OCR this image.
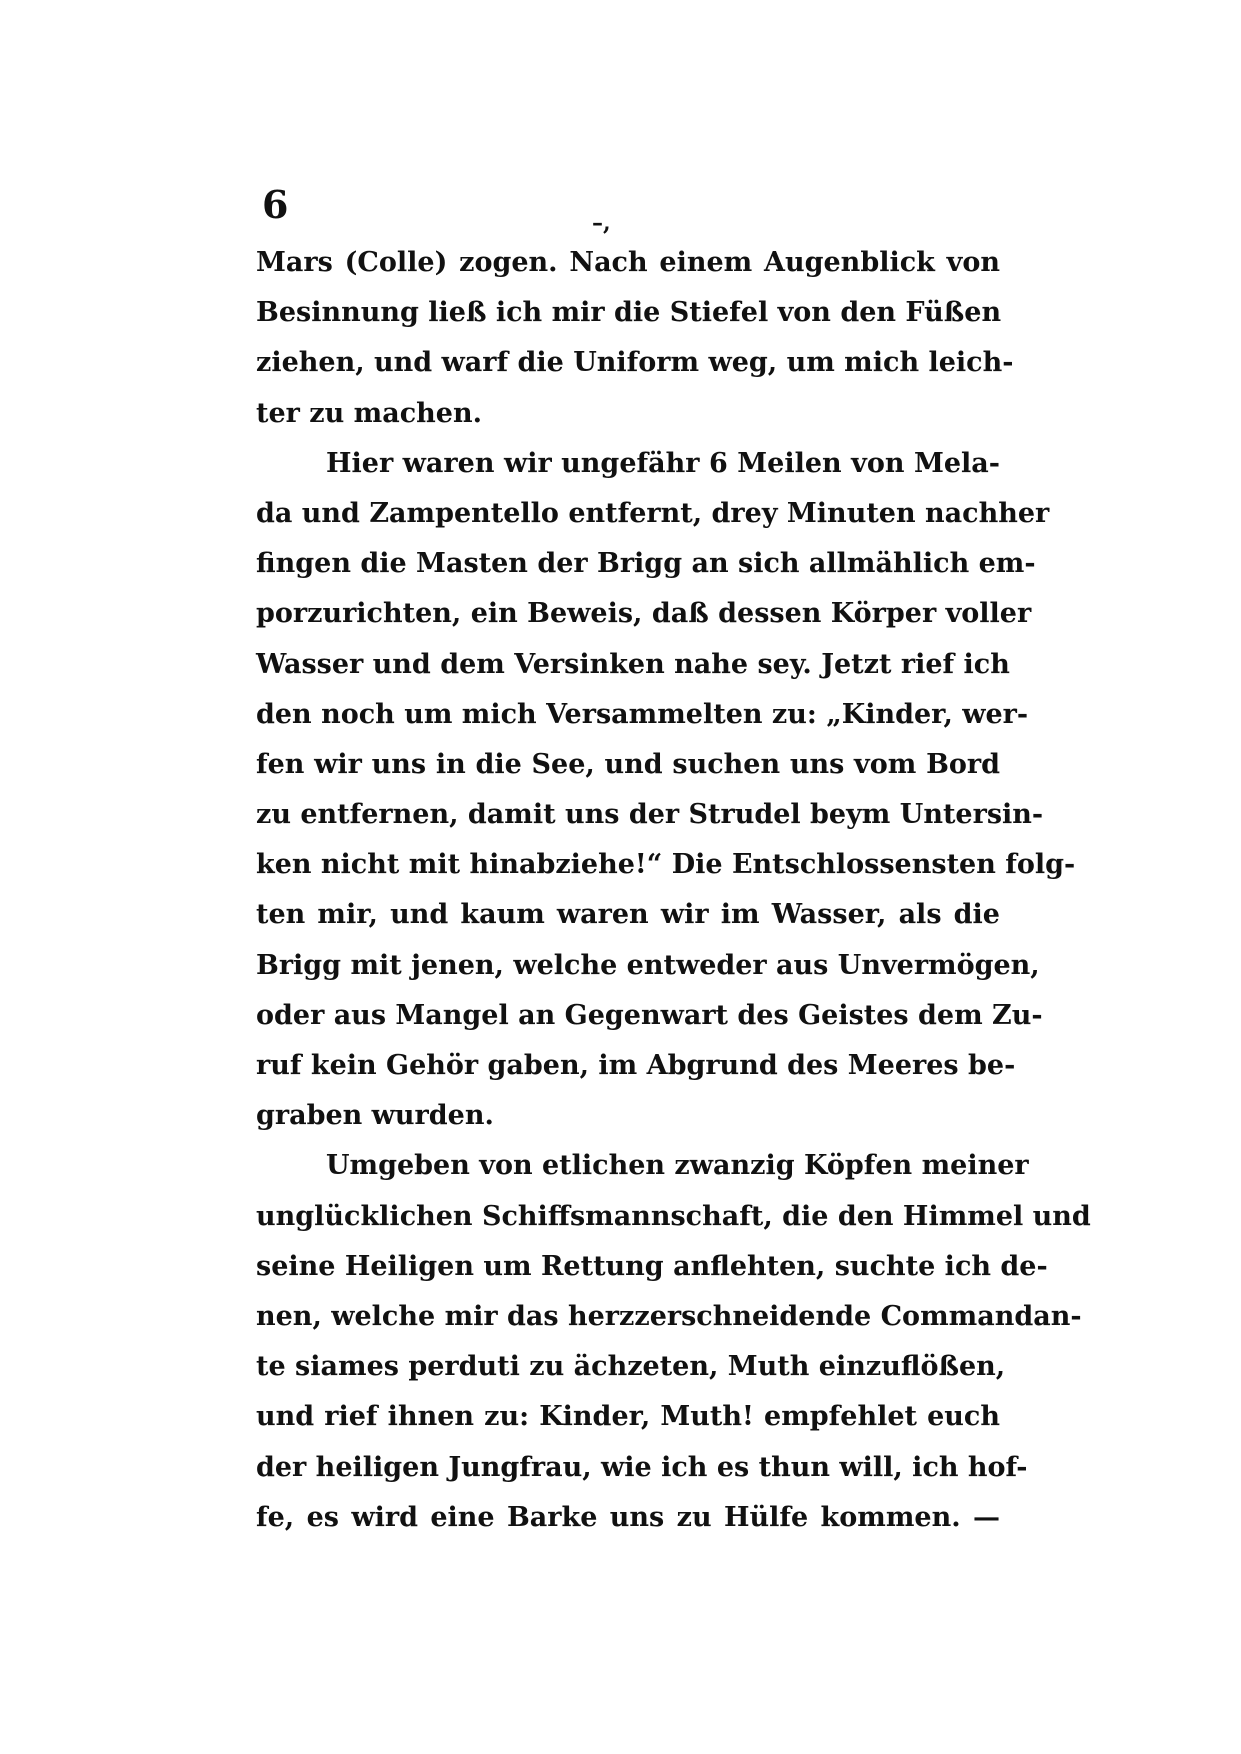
6	–,
Mars (Colle) zogen. Nach einem Augenblick von
Besinnung ließ ich mir die Stiefel von den Füßen
ziehen, und warf die Uniform weg, um mich leich-
ter zu machen.
Hier waren wir ungefähr 6 Meilen von Mela-
da und Zampentello entfernt, drey Minuten nachher
fingen die Masten der Brigg an sich allmählich em-
porzurichten, ein Beweis, daß dessen Körper voller
Wasser und dem Versinken nahe sey. Jetzt rief ich
den noch um mich Versammelten zu: „Kinder, wer-
fen wir uns in die See, und suchen uns vom Bord
zu entfernen, damit uns der Strudel beym Untersin-
ken nicht mit hinabziehe!“ Die Entschlossensten folg-
ten mir, und kaum waren wir im Wasser, als die
Brigg mit jenen, welche entweder aus Unvermögen,
oder aus Mangel an Gegenwart des Geistes dem Zu-
ruf kein Gehör gaben, im Abgrund des Meeres be-
graben wurden.
Umgeben von etlichen zwanzig Köpfen meiner
unglücklichen Schiffsmannschaft, die den Himmel und
seine Heiligen um Rettung anflehten, suchte ich de-
nen, welche mir das herzzerschneidende Commandan-
te siames perduti zu ächzeten, Muth einzuflößen,
und rief ihnen zu: Kinder, Muth! empfehlet euch
der heiligen Jungfrau, wie ich es thun will, ich hof-
fe, es wird eine Barke uns zu Hülfe kommen. —
